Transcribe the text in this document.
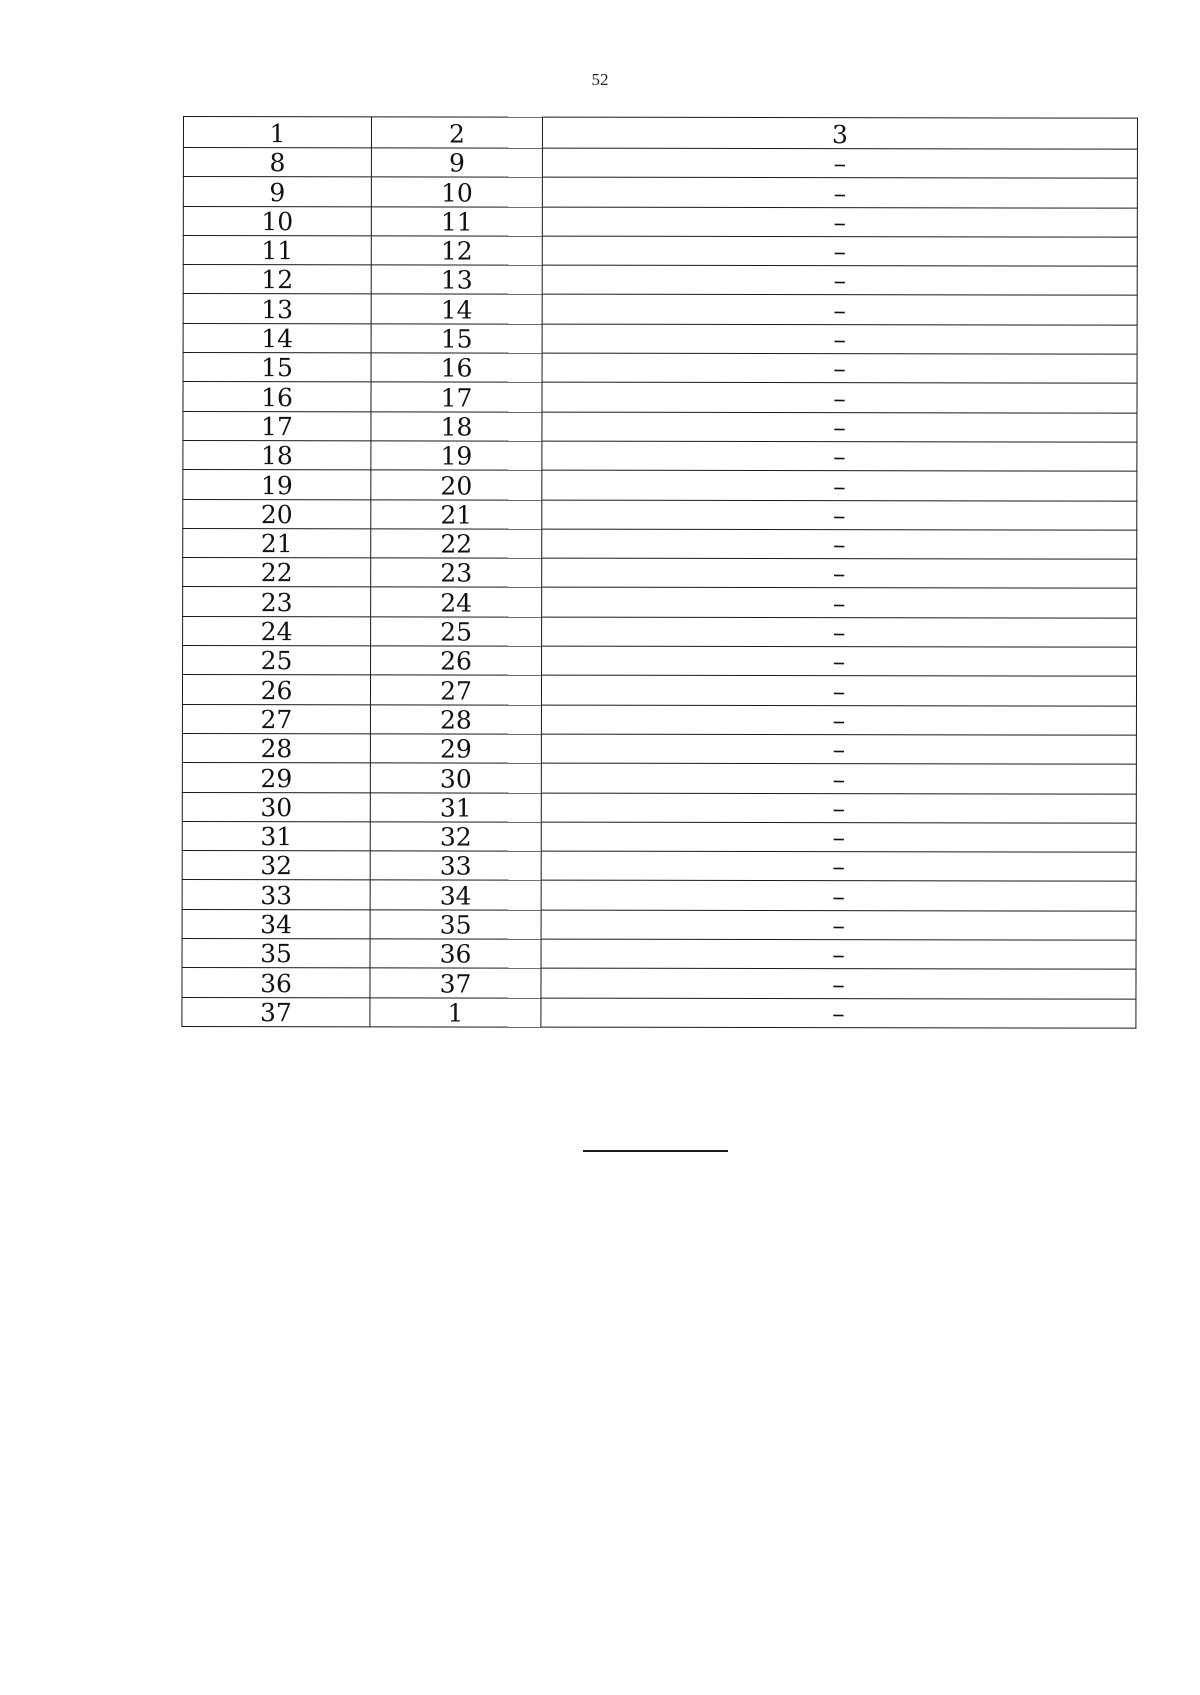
52
1	2	3
8	9	–
9	10	–
10	11	–
11	12	–
12	13	–
13	14	–
14	15	–
15	16	–
16	17	–
17	18	–
18	19	–
19	20	–
20	21	–
21	22	–
22	23	–
23	24	–
24	25	–
25	26	–
26	27	–
27	28	–
28	29	–
29	30	–
30	31	–
31	32	–
32	33	–
33	34	–
34	35	–
35	36	–
36	37	–
37	1	–
